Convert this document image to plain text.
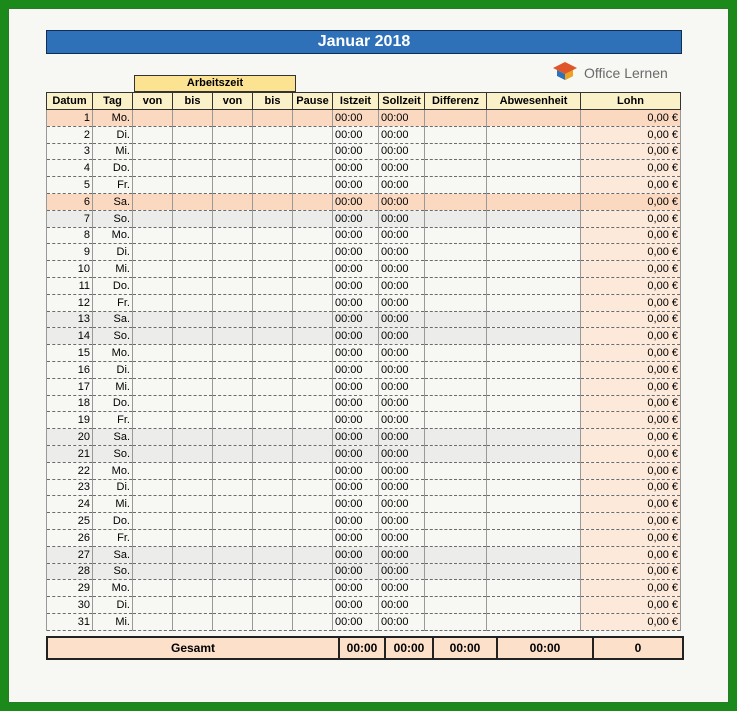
Januar 2018
Office Lernen
Arbeitszeit
Datum	Tag	von	bis	von	bis	Pause	Istzeit	Sollzeit	Differenz	Abwesenheit	Lohn
1	Mo.						00:00	00:00			0,00 €
2	Di.						00:00	00:00			0,00 €
3	Mi.						00:00	00:00			0,00 €
4	Do.						00:00	00:00			0,00 €
5	Fr.						00:00	00:00			0,00 €
6	Sa.						00:00	00:00			0,00 €
7	So.						00:00	00:00			0,00 €
8	Mo.						00:00	00:00			0,00 €
9	Di.						00:00	00:00			0,00 €
10	Mi.						00:00	00:00			0,00 €
11	Do.						00:00	00:00			0,00 €
12	Fr.						00:00	00:00			0,00 €
13	Sa.						00:00	00:00			0,00 €
14	So.						00:00	00:00			0,00 €
15	Mo.						00:00	00:00			0,00 €
16	Di.						00:00	00:00			0,00 €
17	Mi.						00:00	00:00			0,00 €
18	Do.						00:00	00:00			0,00 €
19	Fr.						00:00	00:00			0,00 €
20	Sa.						00:00	00:00			0,00 €
21	So.						00:00	00:00			0,00 €
22	Mo.						00:00	00:00			0,00 €
23	Di.						00:00	00:00			0,00 €
24	Mi.						00:00	00:00			0,00 €
25	Do.						00:00	00:00			0,00 €
26	Fr.						00:00	00:00			0,00 €
27	Sa.						00:00	00:00			0,00 €
28	So.						00:00	00:00			0,00 €
29	Mo.						00:00	00:00			0,00 €
30	Di.						00:00	00:00			0,00 €
31	Mi.						00:00	00:00			0,00 €
Gesamt	00:00	00:00	00:00	00:00	0
